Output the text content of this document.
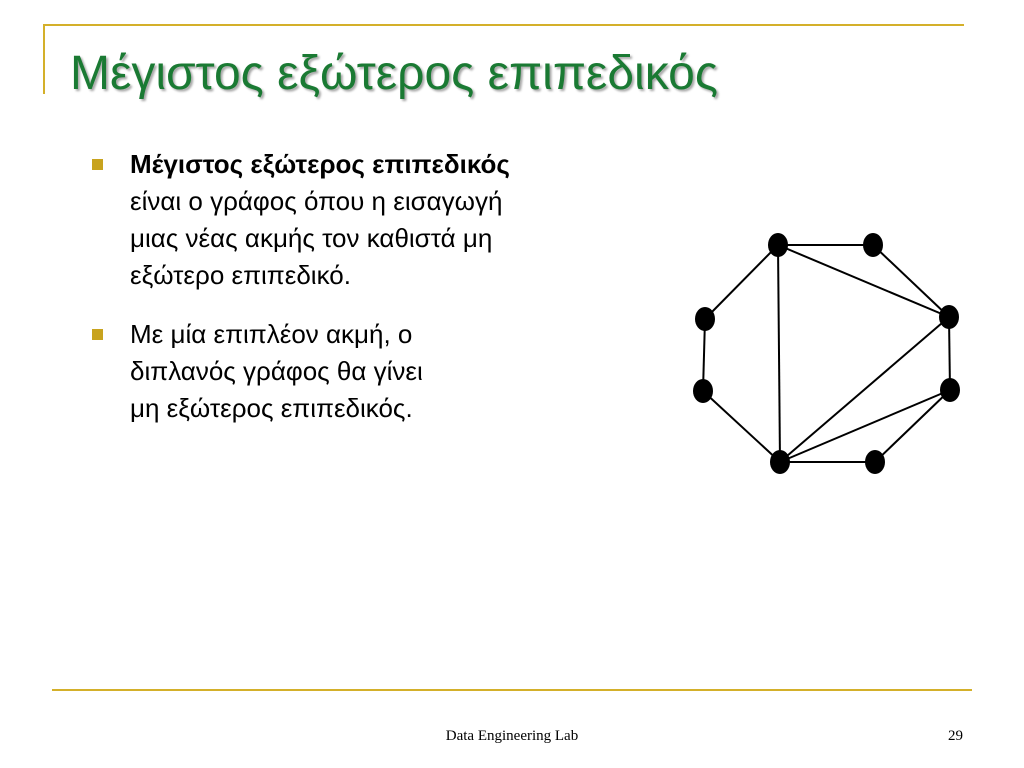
Μέγιστος εξώτερος επιπεδικός
Μέγιστος εξώτερος επιπεδικός
είναι ο γράφος όπου η εισαγωγή
μιας νέας ακμής τον καθιστά μη
εξώτερο επιπεδικό.
Με μία επιπλέον ακμή, ο
διπλανός γράφος θα γίνει
μη εξώτερος επιπεδικός.
Data Engineering Lab	29
